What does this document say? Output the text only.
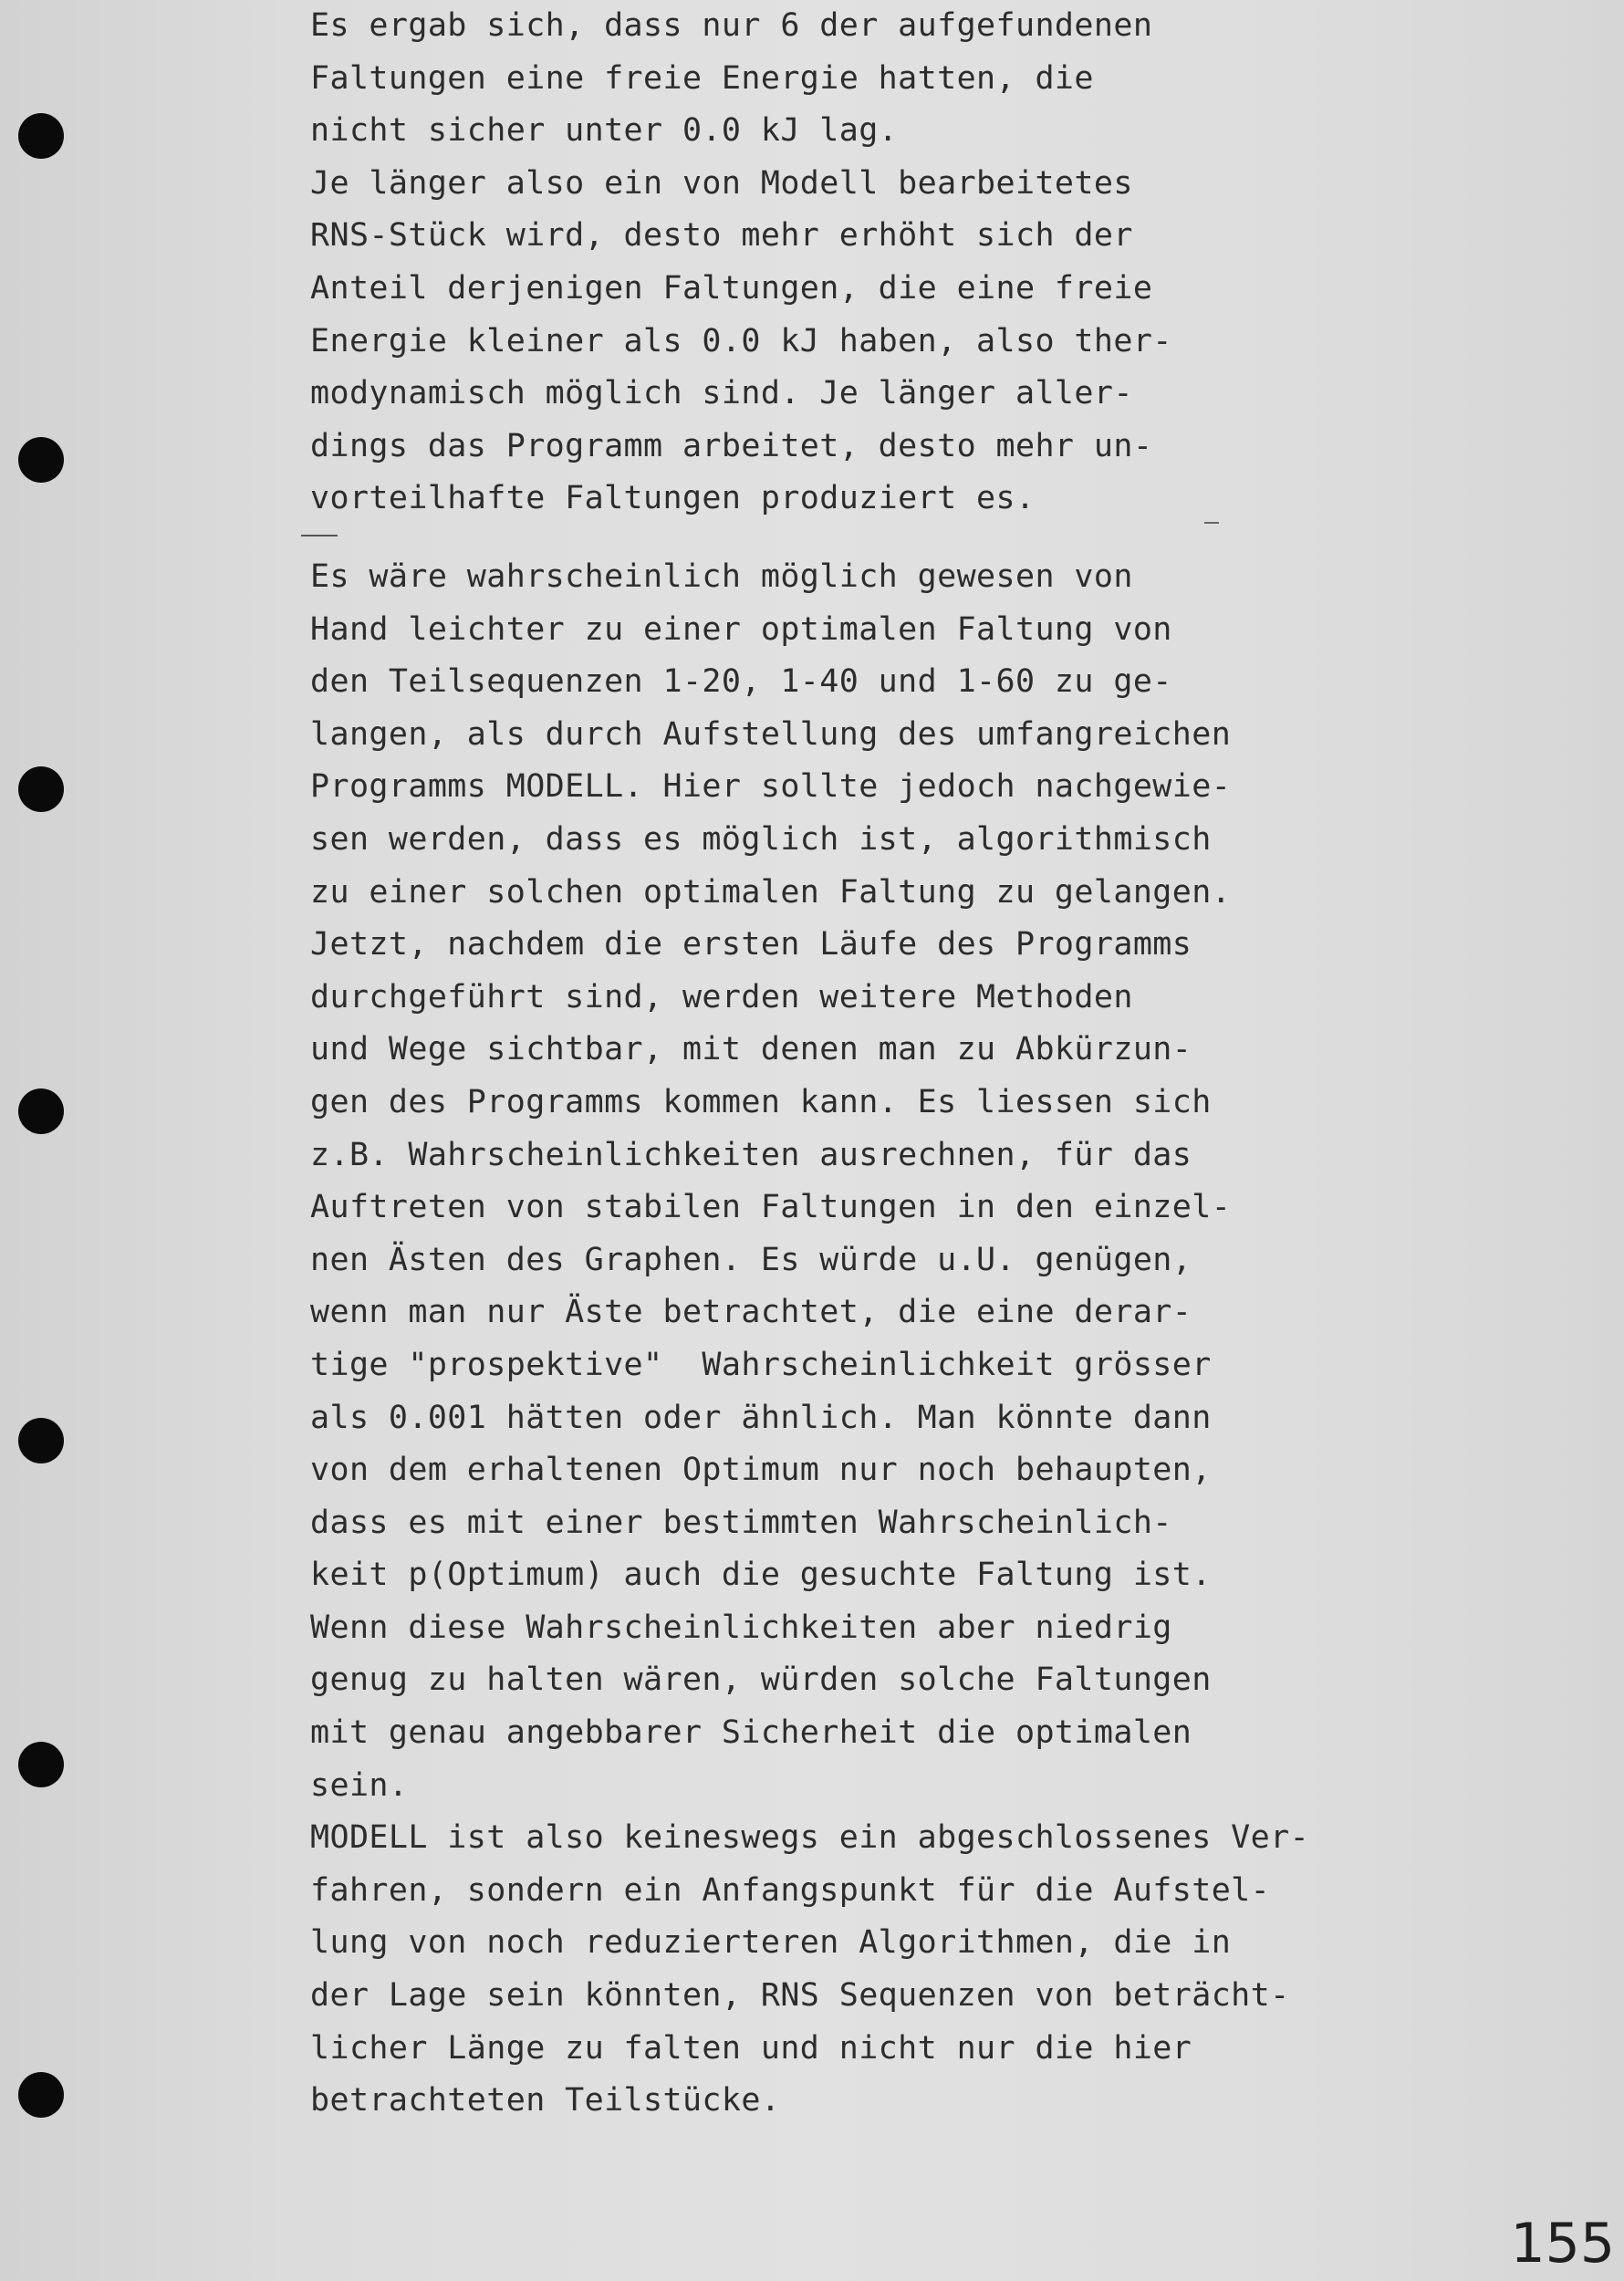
Es ergab sich, dass nur 6 der aufgefundenen
Faltungen eine freie Energie hatten, die
nicht sicher unter 0.0 kJ lag.
Je länger also ein von Modell bearbeitetes
RNS-Stück wird, desto mehr erhöht sich der
Anteil derjenigen Faltungen, die eine freie
Energie kleiner als 0.0 kJ haben, also ther-
modynamisch möglich sind. Je länger aller-
dings das Programm arbeitet, desto mehr un-
vorteilhafte Faltungen produziert es.
Es wäre wahrscheinlich möglich gewesen von
Hand leichter zu einer optimalen Faltung von
den Teilsequenzen 1-20, 1-40 und 1-60 zu ge-
langen, als durch Aufstellung des umfangreichen
Programms MODELL. Hier sollte jedoch nachgewie-
sen werden, dass es möglich ist, algorithmisch
zu einer solchen optimalen Faltung zu gelangen.
Jetzt, nachdem die ersten Läufe des Programms
durchgeführt sind, werden weitere Methoden
und Wege sichtbar, mit denen man zu Abkürzun-
gen des Programms kommen kann. Es liessen sich
z.B. Wahrscheinlichkeiten ausrechnen, für das
Auftreten von stabilen Faltungen in den einzel-
nen Ästen des Graphen. Es würde u.U. genügen,
wenn man nur Äste betrachtet, die eine derar-
tige "prospektive"  Wahrscheinlichkeit grösser
als 0.001 hätten oder ähnlich. Man könnte dann
von dem erhaltenen Optimum nur noch behaupten,
dass es mit einer bestimmten Wahrscheinlich-
keit p(Optimum) auch die gesuchte Faltung ist.
Wenn diese Wahrscheinlichkeiten aber niedrig
genug zu halten wären, würden solche Faltungen
mit genau angebbarer Sicherheit die optimalen
sein.
MODELL ist also keineswegs ein abgeschlossenes Ver-
fahren, sondern ein Anfangspunkt für die Aufstel-
lung von noch reduzierteren Algorithmen, die in
der Lage sein könnten, RNS Sequenzen von beträcht-
licher Länge zu falten und nicht nur die hier
betrachteten Teilstücke.
155
